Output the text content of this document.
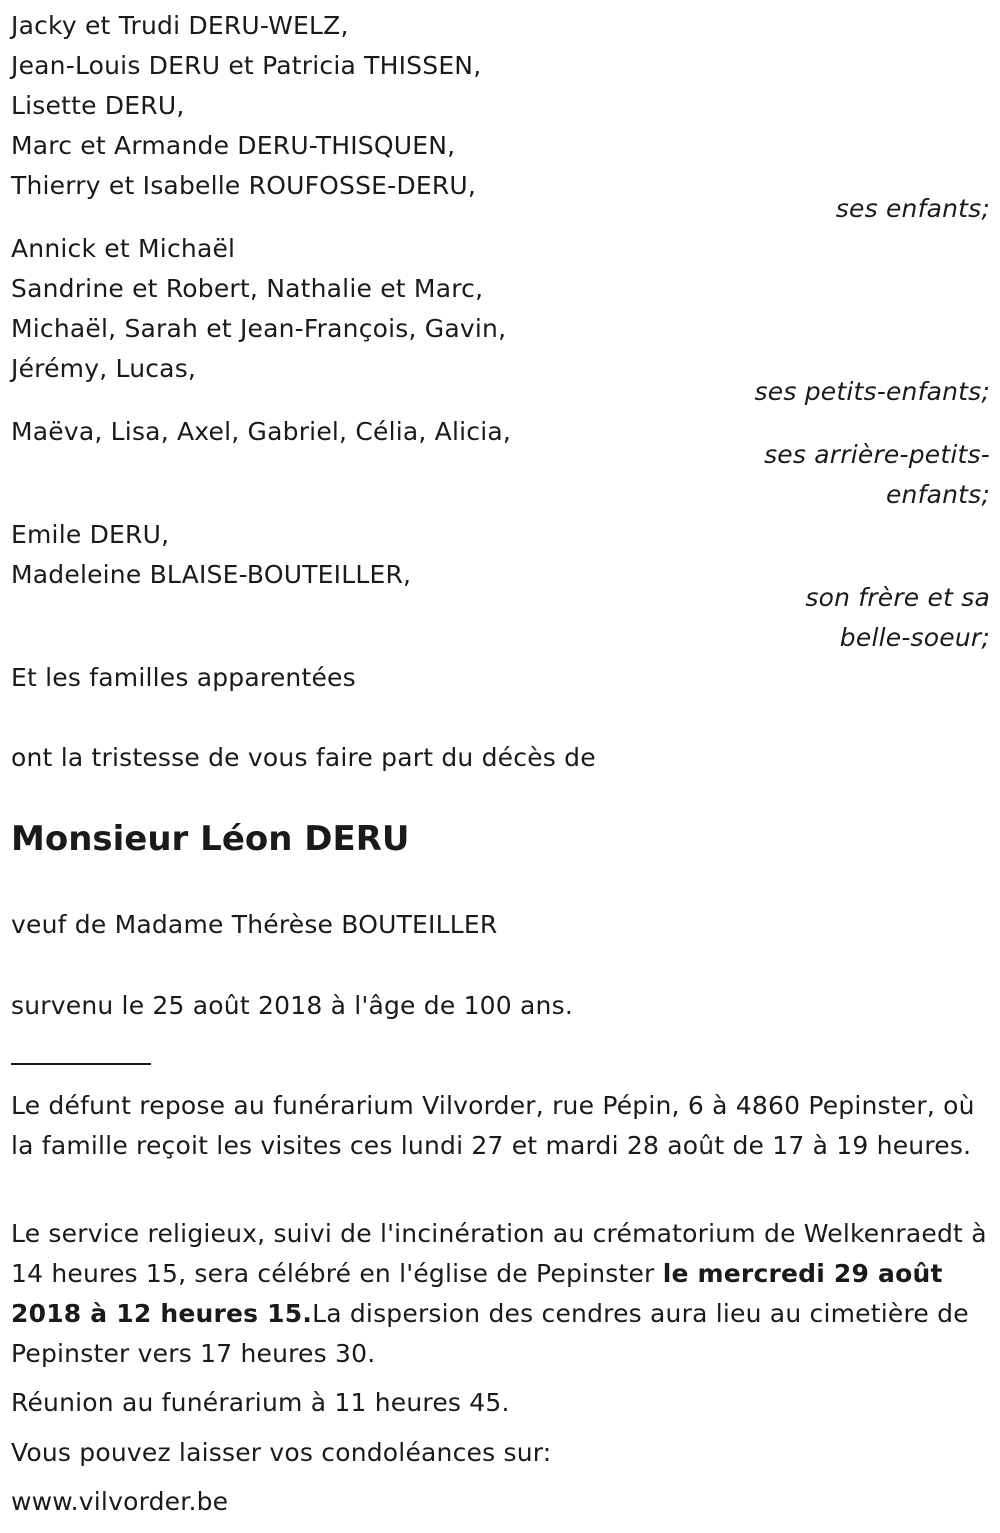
Jacky et Trudi DERU-WELZ,
Jean-Louis DERU et Patricia THISSEN,
Lisette DERU,
Marc et Armande DERU-THISQUEN,
Thierry et Isabelle ROUFOSSE-DERU,
ses enfants;
Annick et Michaël
Sandrine et Robert, Nathalie et Marc,
Michaël, Sarah et Jean-François, Gavin,
Jérémy, Lucas,
ses petits-enfants;
Maëva, Lisa, Axel, Gabriel, Célia, Alicia,
ses arrière-petits-
enfants;
Emile DERU,
Madeleine BLAISE-BOUTEILLER,
son frère et sa
belle-soeur;
Et les familles apparentées
ont la tristesse de vous faire part du décès de
Monsieur Léon DERU
veuf de Madame Thérèse BOUTEILLER
survenu le 25 août 2018 à l'âge de 100 ans.
Le défunt repose au funérarium Vilvorder, rue Pépin, 6 à 4860 Pepinster, où la famille reçoit les visites ces lundi 27 et mardi 28 août de 17 à 19 heures.
Le service religieux, suivi de l'incinération au crématorium de Welkenraedt à 14 heures 15, sera célébré en l'église de Pepinster le mercredi 29 août 2018 à 12 heures 15.La dispersion des cendres aura lieu au cimetière de Pepinster vers 17 heures 30.
Réunion au funérarium à 11 heures 45.
Vous pouvez laisser vos condoléances sur:
www.vilvorder.be
